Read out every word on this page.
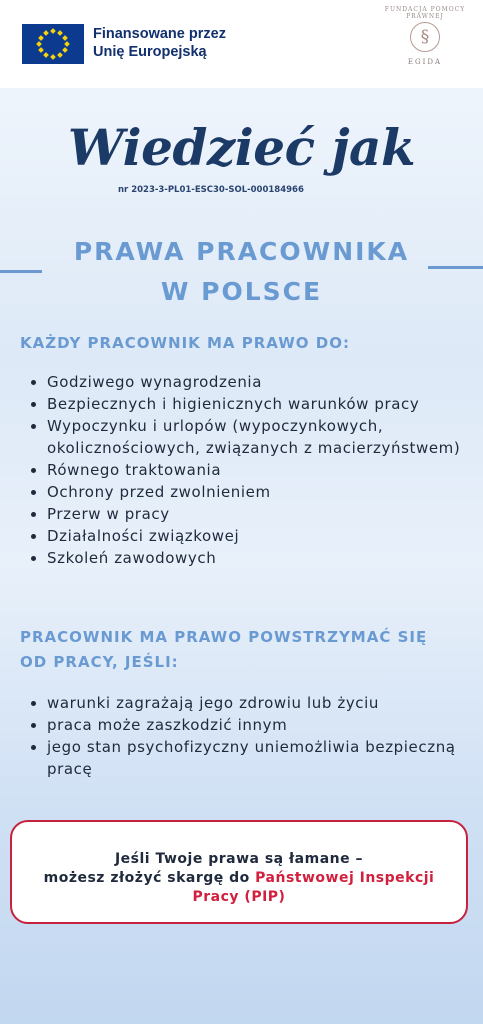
Finansowane przez
Unię Europejską
FUNDACJA POMOCY
PRAWNEJ
§
EGIDA
Wiedzieć jak
nr 2023-3-PL01-ESC30-SOL-000184966
PRAWA PRACOWNIKA
W POLSCE
KAŻDY PRACOWNIK MA PRAWO DO:
• Godziwego wynagrodzenia
• Bezpiecznych i higienicznych warunków pracy
• Wypoczynku i urlopów (wypoczynkowych, okolicznościowych, związanych z macierzyństwem)
• Równego traktowania
• Ochrony przed zwolnieniem
• Przerw w pracy
• Działalności związkowej
• Szkoleń zawodowych
PRACOWNIK MA PRAWO POWSTRZYMAĆ SIĘ
OD PRACY, JEŚLI:
• warunki zagrażają jego zdrowiu lub życiu
• praca może zaszkodzić innym
• jego stan psychofizyczny uniemożliwia bezpieczną pracę
Jeśli Twoje prawa są łamane –
możesz złożyć skargę do Państwowej Inspekcji
Pracy (PIP)
